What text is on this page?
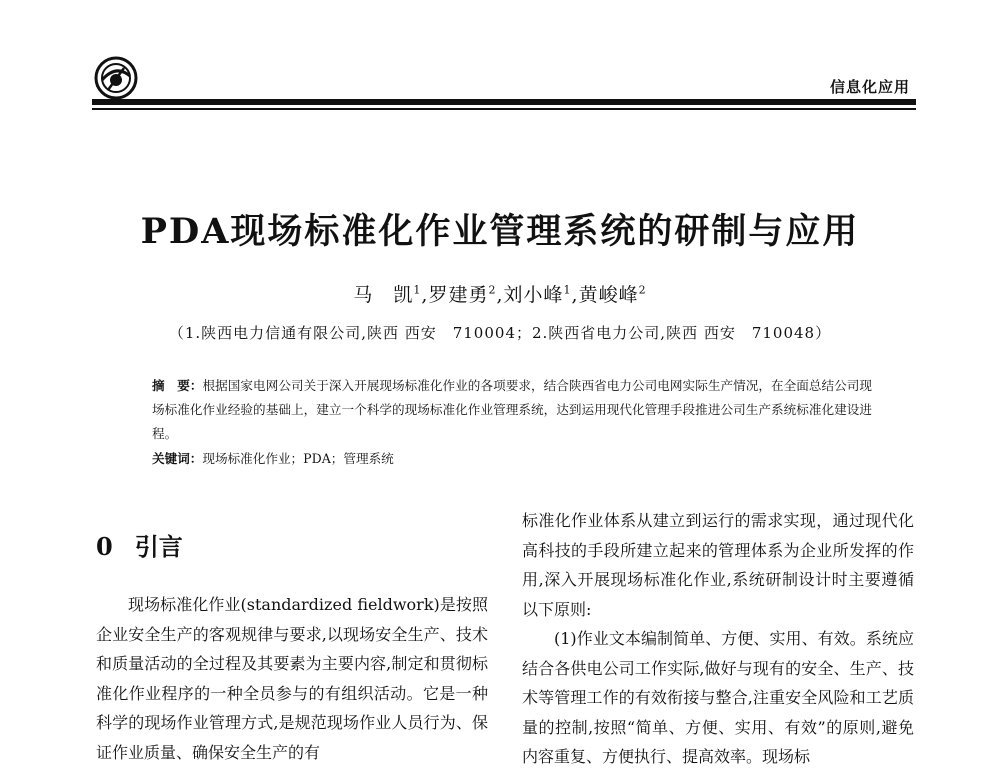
信息化应用
PDA现场标准化作业管理系统的研制与应用
马　凯$^1$,罗建勇$^2$,刘小峰$^1$,黄峻峰$^2$
（1.陕西电力信通有限公司,陕西 西安　710004；2.陕西省电力公司,陕西 西安　710048）
摘　要：根据国家电网公司关于深入开展现场标准化作业的各项要求，结合陕西省电力公司电网实际生产情况，在全面总结公司现场标准化作业经验的基础上，建立一个科学的现场标准化作业管理系统，达到运用现代化管理手段推进公司生产系统标准化建设进程。
关键词：现场标准化作业；PDA；管理系统
0 引言

现场标准化作业(standardized fieldwork)是按照企业安全生产的客观规律与要求,以现场安全生产、技术和质量活动的全过程及其要素为主要内容,制定和贯彻标准化作业程序的一种全员参与的有组织活动。它是一种科学的现场作业管理方式,是规范现场作业人员行为、保证作业质量、确保安全生产的有

标准化作业体系从建立到运行的需求实现，通过现代化高科技的手段所建立起来的管理体系为企业所发挥的作用,深入开展现场标准化作业,系统研制设计时主要遵循以下原则:

(1)作业文本编制简单、方便、实用、有效。系统应结合各供电公司工作实际,做好与现有的安全、生产、技术等管理工作的有效衔接与整合,注重安全风险和工艺质量的控制,按照“简单、方便、实用、有效”的原则,避免内容重复、方便执行、提高效率。现场标
